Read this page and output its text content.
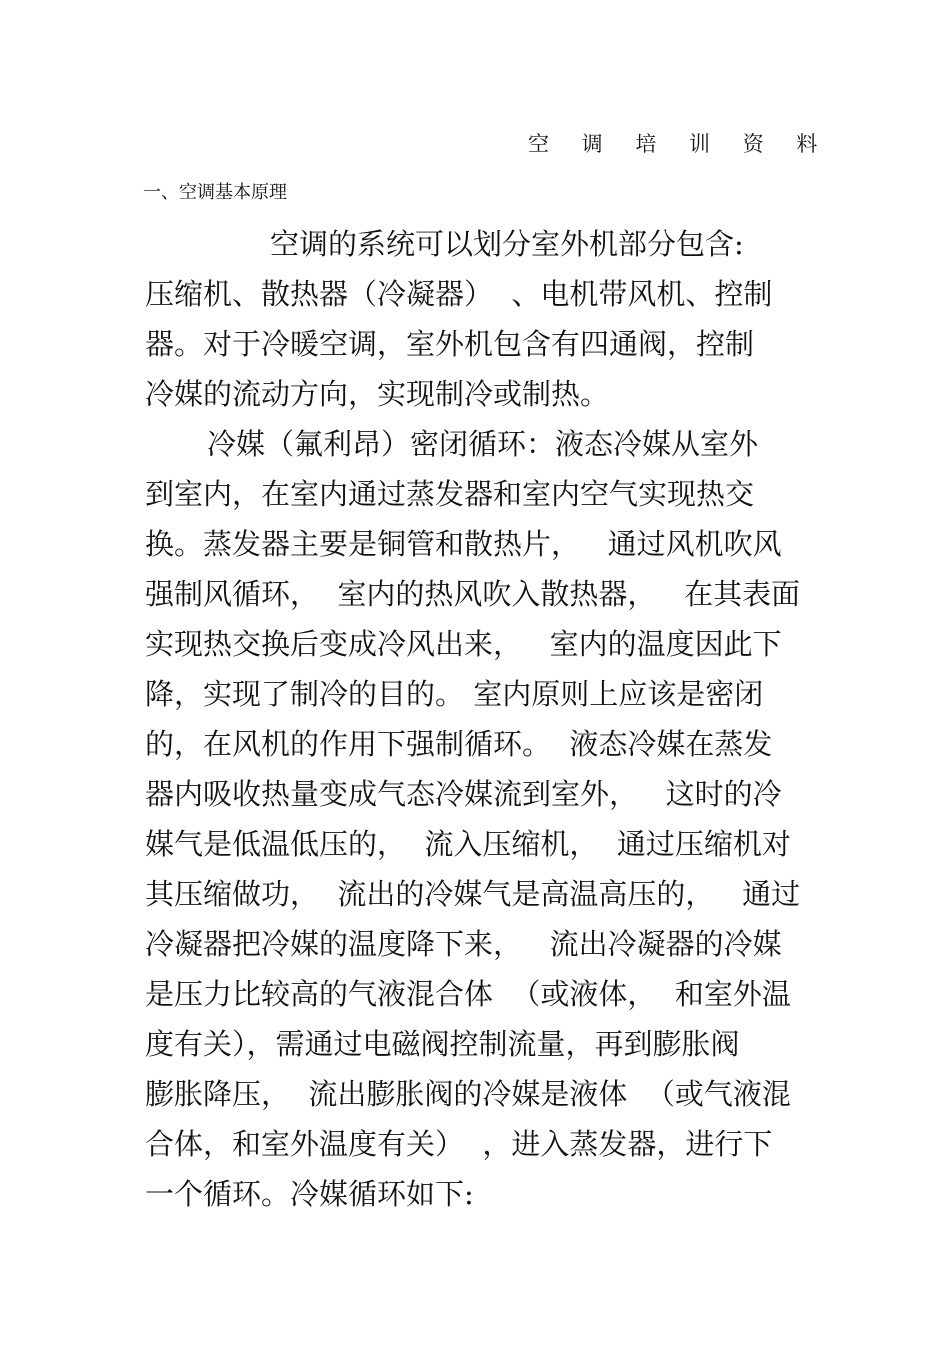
空 调 培 训 资 料
一、空调基本原理
空调的系统可以划分室外机部分包含:
压缩机、散热器（冷凝器）  、电机带风机、控制
器。对于冷暖空调，室外机包含有四通阀，控制
冷媒的流动方向，实现制冷或制热。
冷媒（氟利昂）密闭循环：液态冷媒从室外
到室内，在室内通过蒸发器和室内空气实现热交
换。蒸发器主要是铜管和散热片，   通过风机吹风
强制风循环，  室内的热风吹入散热器，   在其表面
实现热交换后变成冷风出来，   室内的温度因此下
降，实现了制冷的目的。 室内原则上应该是密闭
的，在风机的作用下强制循环。  液态冷媒在蒸发
器内吸收热量变成气态冷媒流到室外，   这时的冷
媒气是低温低压的，  流入压缩机，  通过压缩机对
其压缩做功，  流出的冷媒气是高温高压的，   通过
冷凝器把冷媒的温度降下来，   流出冷凝器的冷媒
是压力比较高的气液混合体  （或液体，  和室外温
度有关），需通过电磁阀控制流量，再到膨胀阀
膨胀降压，  流出膨胀阀的冷媒是液体  （或气液混
合体，和室外温度有关）  ，进入蒸发器，进行下
一个循环。冷媒循环如下:
